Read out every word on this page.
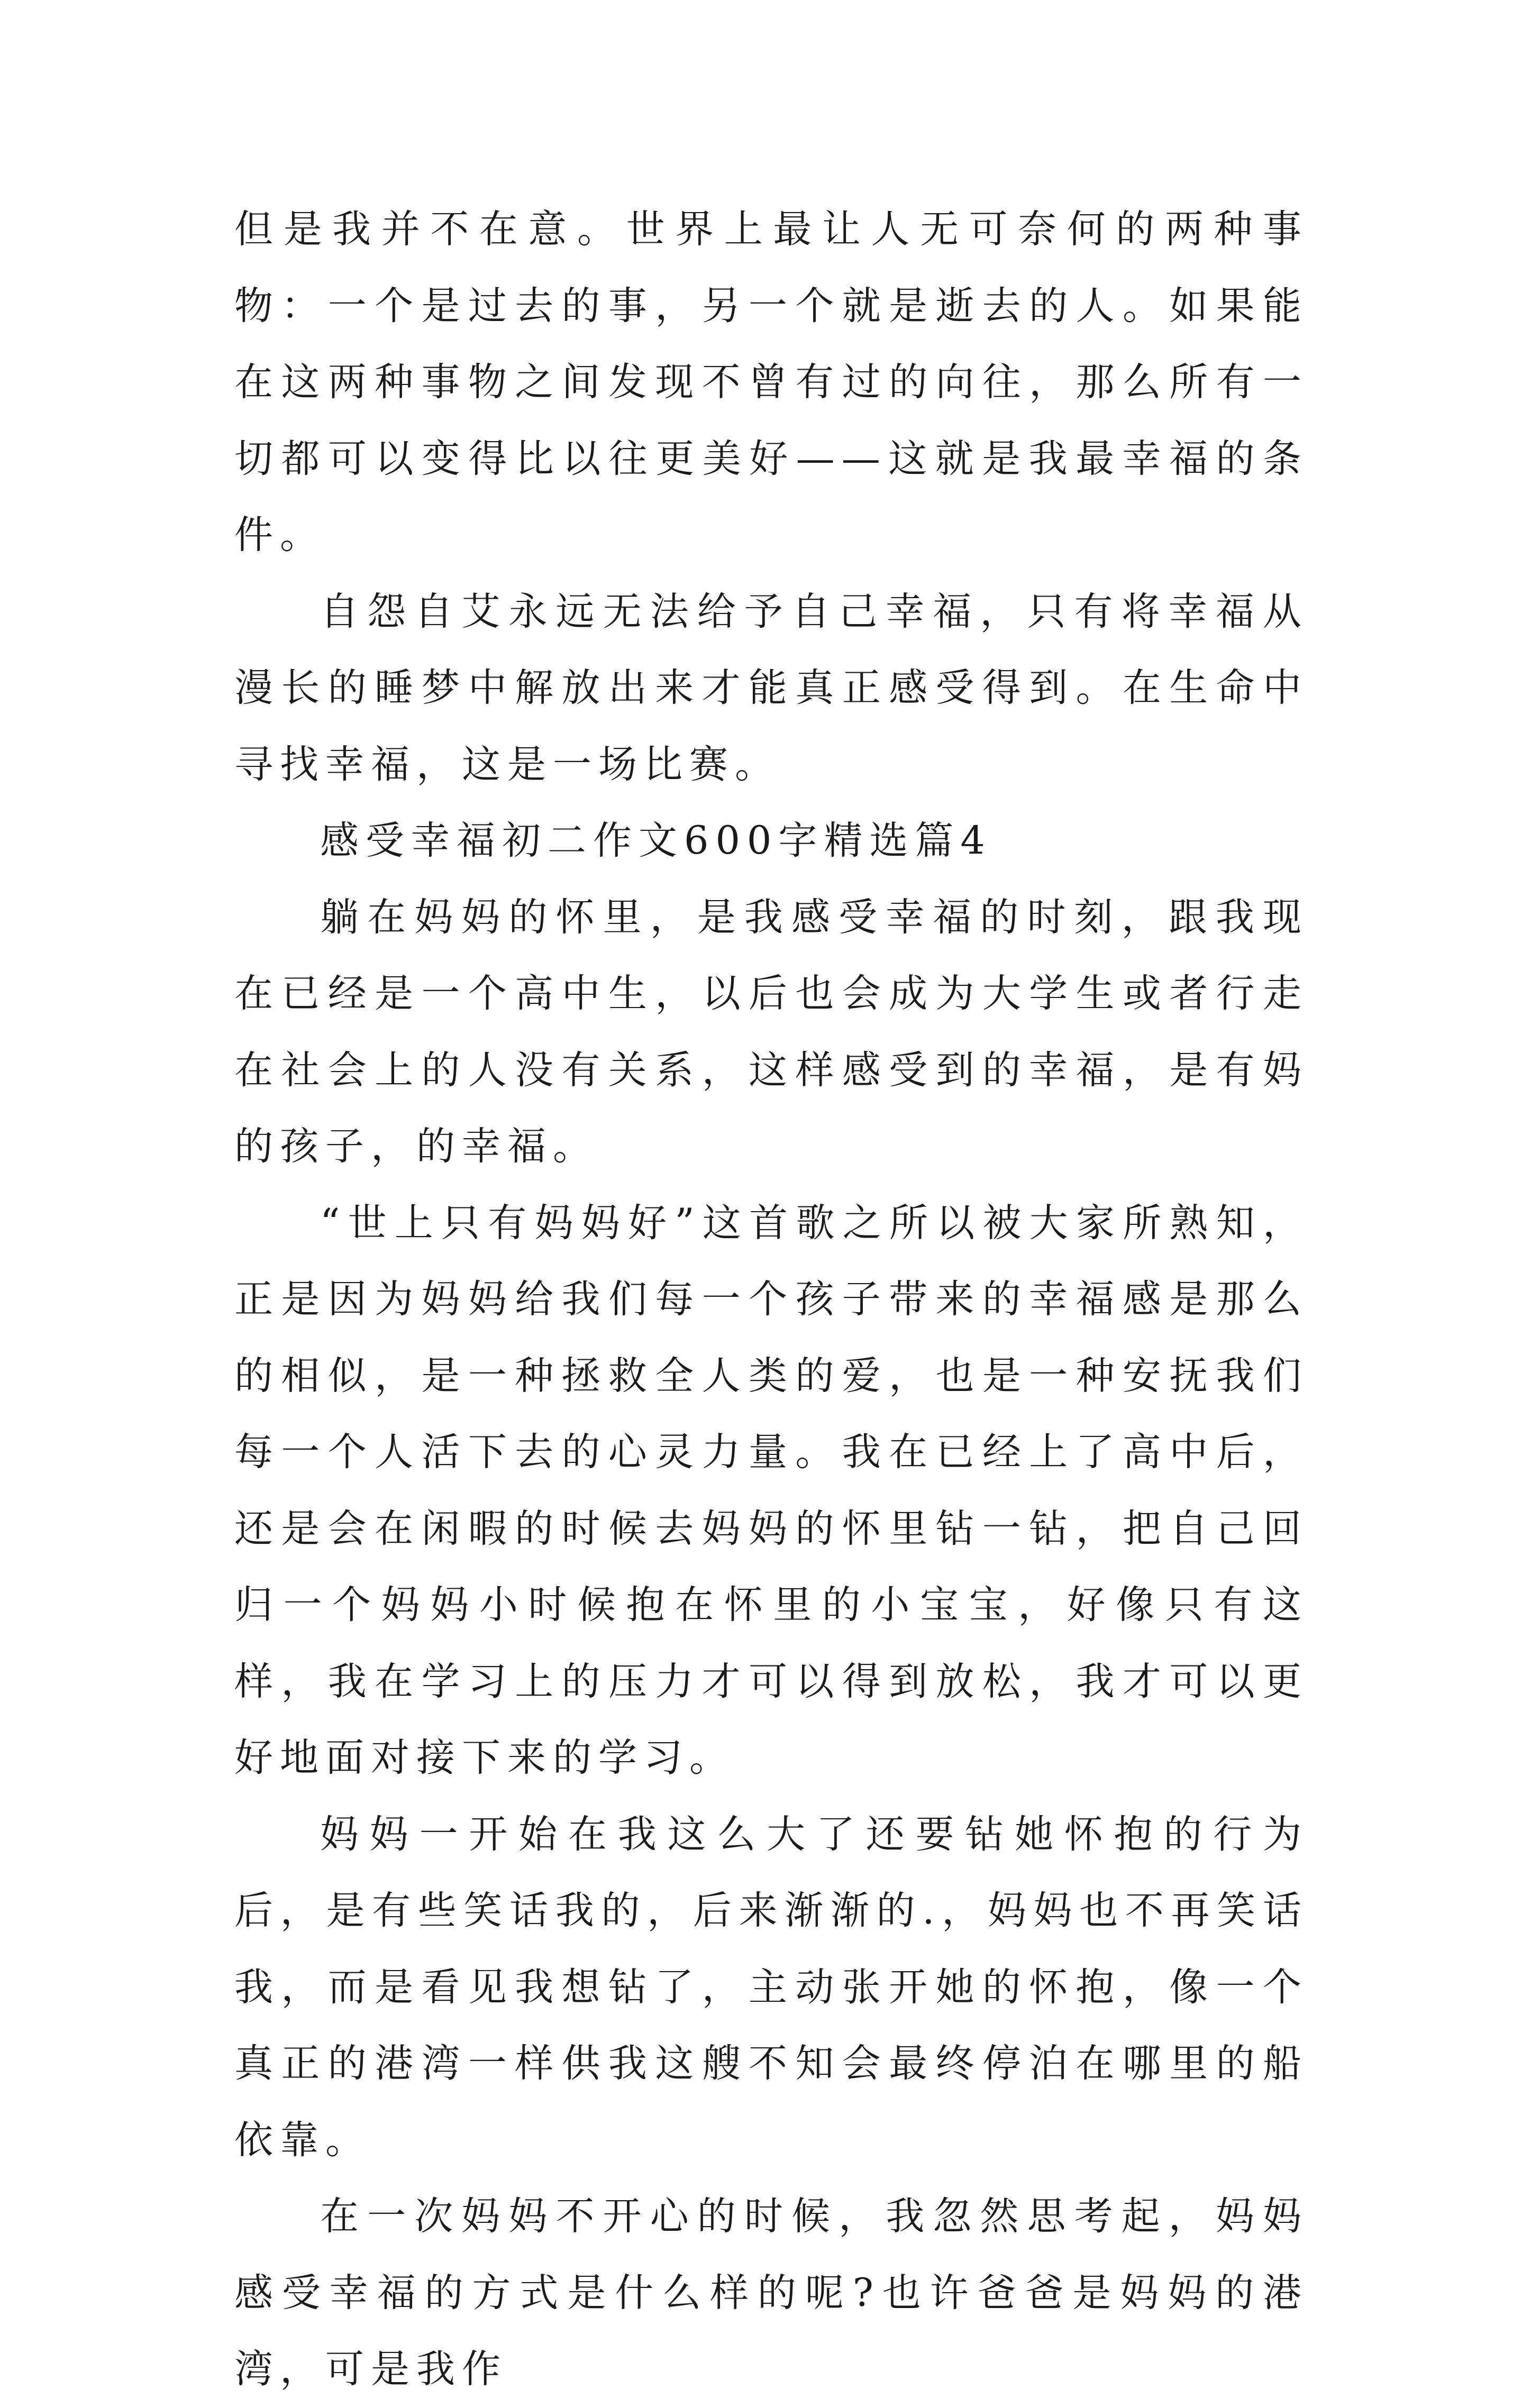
但是我并不在意。世界上最让人无可奈何的两种事物：一个是过去的事，另一个就是逝去的人。如果能在这两种事物之间发现不曾有过的向往，那么所有一切都可以变得比以往更美好——这就是我最幸福的条件。

自怨自艾永远无法给予自己幸福，只有将幸福从漫长的睡梦中解放出来才能真正感受得到。在生命中寻找幸福，这是一场比赛。

感受幸福初二作文600字精选篇4

躺在妈妈的怀里，是我感受幸福的时刻，跟我现在已经是一个高中生，以后也会成为大学生或者行走在社会上的人没有关系，这样感受到的幸福，是有妈的孩子，的幸福。

“世上只有妈妈好”这首歌之所以被大家所熟知，正是因为妈妈给我们每一个孩子带来的幸福感是那么的相似，是一种拯救全人类的爱，也是一种安抚我们每一个人活下去的心灵力量。我在已经上了高中后，还是会在闲暇的时候去妈妈的怀里钻一钻，把自己回归一个妈妈小时候抱在怀里的小宝宝，好像只有这样，我在学习上的压力才可以得到放松，我才可以更好地面对接下来的学习。

妈妈一开始在我这么大了还要钻她怀抱的行为后，是有些笑话我的，后来渐渐的.，妈妈也不再笑话我，而是看见我想钻了，主动张开她的怀抱，像一个真正的港湾一样供我这艘不知会最终停泊在哪里的船依靠。

在一次妈妈不开心的时候，我忽然思考起，妈妈感受幸福的方式是什么样的呢?也许爸爸是妈妈的港湾，可是我作
